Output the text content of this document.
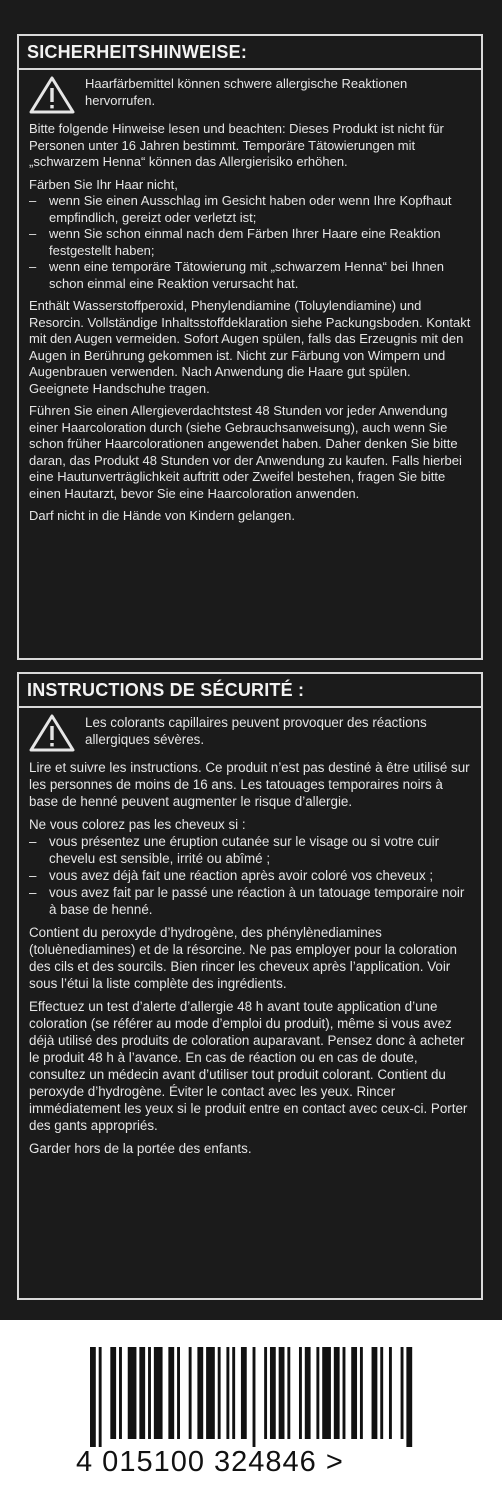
SICHERHEITSHINWEISE:
Haarfärbemittel können schwere allergische Reaktionen hervorrufen.

Bitte folgende Hinweise lesen und beachten: Dieses Produkt ist nicht für Personen unter 16 Jahren bestimmt. Temporäre Tätowierungen mit „schwarzem Henna“ können das Allergierisiko erhöhen.

Färben Sie Ihr Haar nicht,

– wenn Sie einen Ausschlag im Gesicht haben oder wenn Ihre Kopfhaut empfindlich, gereizt oder verletzt ist;
– wenn Sie schon einmal nach dem Färben Ihrer Haare eine Reaktion festgestellt haben;
– wenn eine temporäre Tätowierung mit „schwarzem Henna“ bei Ihnen schon einmal eine Reaktion verursacht hat.

Enthält Wasserstoffperoxid, Phenylendiamine (Toluylendiamine) und Resorcin. Vollständige Inhaltsstoffdeklaration siehe Packungsboden. Kontakt mit den Augen vermeiden. Sofort Augen spülen, falls das Erzeugnis mit den Augen in Berührung gekommen ist. Nicht zur Färbung von Wimpern und Augenbrauen verwenden. Nach Anwendung die Haare gut spülen. Geeignete Handschuhe tragen.

Führen Sie einen Allergieverdachtstest 48 Stunden vor jeder Anwendung einer Haarcoloration durch (siehe Gebrauchsanweisung), auch wenn Sie schon früher Haarcolorationen angewendet haben. Daher denken Sie bitte daran, das Produkt 48 Stunden vor der Anwendung zu kaufen. Falls hierbei eine Hautunverträglichkeit auftritt oder Zweifel bestehen, fragen Sie bitte einen Hautarzt, bevor Sie eine Haarcoloration anwenden.

Darf nicht in die Hände von Kindern gelangen.

INSTRUCTIONS DE SÉCURITÉ :
Les colorants capillaires peuvent provoquer des réactions allergiques sévères.

Lire et suivre les instructions. Ce produit n’est pas destiné à être utilisé sur les personnes de moins de 16 ans. Les tatouages temporaires noirs à base de henné peuvent augmenter le risque d’allergie.

Ne vous colorez pas les cheveux si :

– vous présentez une éruption cutanée sur le visage ou si votre cuir chevelu est sensible, irrité ou abîmé ;
– vous avez déjà fait une réaction après avoir coloré vos cheveux ;
– vous avez fait par le passé une réaction à un tatouage temporaire noir à base de henné.

Contient du peroxyde d’hydrogène, des phénylènediamines (toluènediamines) et de la résorcine. Ne pas employer pour la coloration des cils et des sourcils. Bien rincer les cheveux après l’application. Voir sous l’étui la liste complète des ingrédients.

Effectuez un test d’alerte d’allergie 48 h avant toute application d’une coloration (se référer au mode d’emploi du produit), même si vous avez déjà utilisé des produits de coloration auparavant. Pensez donc à acheter le produit 48 h à l’avance. En cas de réaction ou en cas de doute, consultez un médecin avant d’utiliser tout produit colorant. Contient du peroxyde d’hydrogène. Éviter le contact avec les yeux. Rincer immédiatement les yeux si le produit entre en contact avec ceux-ci. Porter des gants appropriés.

Garder hors de la portée des enfants.

4 015100 324846 >
